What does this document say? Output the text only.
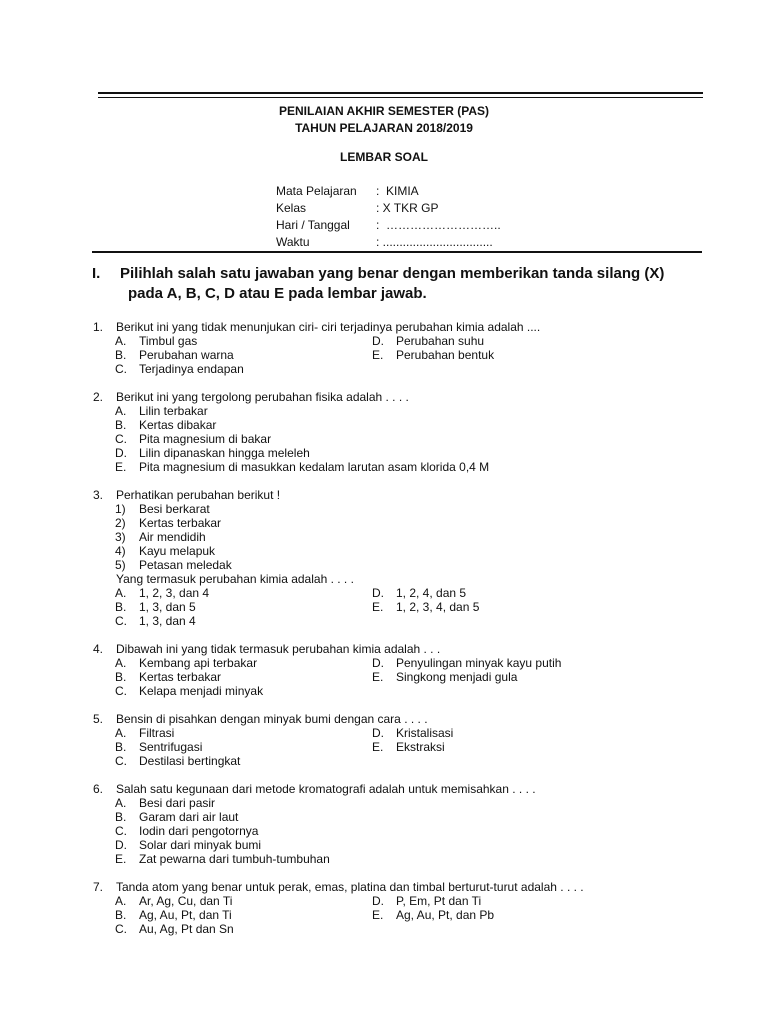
PENILAIAN AKHIR SEMESTER (PAS)
TAHUN PELAJARAN 2018/2019
LEMBAR SOAL
Mata Pelajaran	:  KIMIA
Kelas	: X TKR GP
Hari / Tanggal	:  ………………………..
Waktu	: .................................
I. Pilihlah salah satu jawaban yang benar dengan memberikan tanda silang (X)
pada A, B, C, D atau E pada lembar jawab.
1. Berikut ini yang tidak menunjukan ciri- ciri terjadinya perubahan kimia adalah ....
A. Timbul gas	D. Perubahan suhu
B. Perubahan warna	E. Perubahan bentuk
C. Terjadinya endapan
2. Berikut ini yang tergolong perubahan fisika adalah . . . .
A. Lilin terbakar
B. Kertas dibakar
C. Pita magnesium di bakar
D. Lilin dipanaskan hingga meleleh
E. Pita magnesium di masukkan kedalam larutan asam klorida 0,4 M
3. Perhatikan perubahan berikut !
1) Besi berkarat
2) Kertas terbakar
3) Air mendidih
4) Kayu melapuk
5) Petasan meledak
Yang termasuk perubahan kimia adalah . . . .
A. 1, 2, 3, dan 4	D. 1, 2, 4, dan 5
B. 1, 3, dan 5	E. 1, 2, 3, 4, dan 5
C. 1, 3, dan 4
4. Dibawah ini yang tidak termasuk perubahan kimia adalah . . .
A. Kembang api terbakar	D. Penyulingan minyak kayu putih
B. Kertas terbakar	E. Singkong menjadi gula
C. Kelapa menjadi minyak
5. Bensin di pisahkan dengan minyak bumi dengan cara . . . .
A. Filtrasi	D. Kristalisasi
B. Sentrifugasi	E. Ekstraksi
C. Destilasi bertingkat
6. Salah satu kegunaan dari metode kromatografi adalah untuk memisahkan . . . .
A. Besi dari pasir
B. Garam dari air laut
C. Iodin dari pengotornya
D. Solar dari minyak bumi
E. Zat pewarna dari tumbuh-tumbuhan
7. Tanda atom yang benar untuk perak, emas, platina dan timbal berturut-turut adalah . . . .
A. Ar, Ag, Cu, dan Ti	D. P, Em, Pt dan Ti
B. Ag, Au, Pt, dan Ti	E. Ag, Au, Pt, dan Pb
C. Au, Ag, Pt dan Sn
